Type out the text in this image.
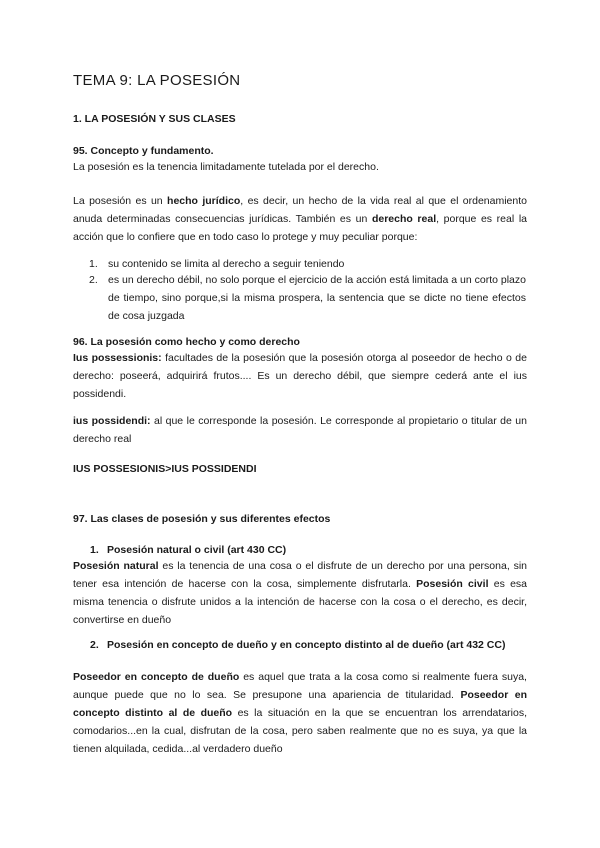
TEMA 9: LA POSESIÓN
1. LA POSESIÓN Y SUS CLASES
95. Concepto y fundamento.
La posesión es la tenencia limitadamente tutelada por el derecho.
La posesión es un hecho jurídico, es decir, un hecho de la vida real al que el ordenamiento anuda determinadas consecuencias jurídicas. También es un derecho real, porque es real la acción que lo confiere que en todo caso lo protege y muy peculiar porque:
1. su contenido se limita al derecho a seguir teniendo
2. es un derecho débil, no solo porque el ejercicio de la acción está limitada a un corto plazo de tiempo, sino porque,si la misma prospera, la sentencia que se dicte no tiene efectos de cosa juzgada
96. La posesión como hecho y como derecho
Ius possessionis: facultades de la posesión que la posesión otorga al poseedor de hecho o de derecho: poseerá, adquirirá frutos.... Es un derecho débil, que siempre cederá ante el ius possidendi.
ius possidendi: al que le corresponde la posesión. Le corresponde al propietario o titular de un derecho real
IUS POSSESIONIS>IUS POSSIDENDI
97. Las clases de posesión y sus diferentes efectos
1. Posesión natural o civil (art 430 CC)
Posesión natural es la tenencia de una cosa o el disfrute de un derecho por una persona, sin tener esa intención de hacerse con la cosa, simplemente disfrutarla. Posesión civil es esa misma tenencia o disfrute unidos a la intención de hacerse con la cosa o el derecho, es decir, convertirse en dueño
2. Posesión en concepto de dueño y en concepto distinto al de dueño (art 432 CC)
Poseedor en concepto de dueño es aquel que trata a la cosa como si realmente fuera suya, aunque puede que no lo sea. Se presupone una apariencia de titularidad. Poseedor en concepto distinto al de dueño es la situación en la que se encuentran los arrendatarios, comodarios...en la cual, disfrutan de la cosa, pero saben realmente que no es suya, ya que la tienen alquilada, cedida...al verdadero dueño
